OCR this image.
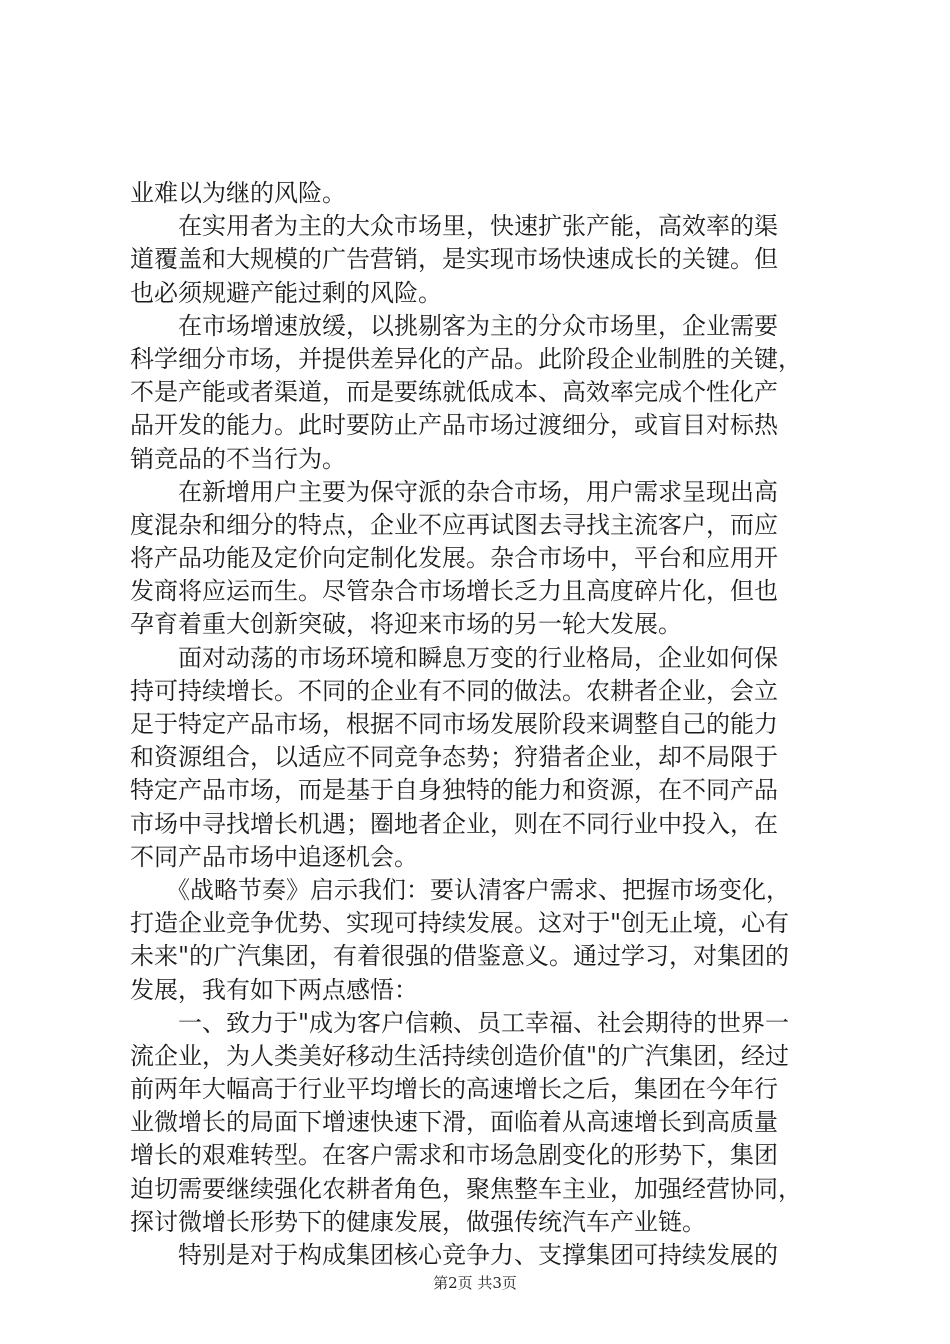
业难以为继的风险。
　　在实用者为主的大众市场里，快速扩张产能，高效率的渠
道覆盖和大规模的广告营销，是实现市场快速成长的关键。但
也必须规避产能过剩的风险。
　　在市场增速放缓，以挑剔客为主的分众市场里，企业需要
科学细分市场，并提供差异化的产品。此阶段企业制胜的关键，
不是产能或者渠道，而是要练就低成本、高效率完成个性化产
品开发的能力。此时要防止产品市场过渡细分，或盲目对标热
销竞品的不当行为。
　　在新增用户主要为保守派的杂合市场，用户需求呈现出高
度混杂和细分的特点，企业不应再试图去寻找主流客户，而应
将产品功能及定价向定制化发展。杂合市场中，平台和应用开
发商将应运而生。尽管杂合市场增长乏力且高度碎片化，但也
孕育着重大创新突破，将迎来市场的另一轮大发展。
　　面对动荡的市场环境和瞬息万变的行业格局，企业如何保
持可持续增长。不同的企业有不同的做法。农耕者企业，会立
足于特定产品市场，根据不同市场发展阶段来调整自己的能力
和资源组合，以适应不同竞争态势；狩猎者企业，却不局限于
特定产品市场，而是基于自身独特的能力和资源，在不同产品
市场中寻找增长机遇；圈地者企业，则在不同行业中投入，在
不同产品市场中追逐机会。
　　《战略节奏》启示我们：要认清客户需求、把握市场变化，
打造企业竞争优势、实现可持续发展。这对于"创无止境，心有
未来"的广汽集团，有着很强的借鉴意义。通过学习，对集团的
发展，我有如下两点感悟：
　　一、致力于"成为客户信赖、员工幸福、社会期待的世界一
流企业，为人类美好移动生活持续创造价值"的广汽集团，经过
前两年大幅高于行业平均增长的高速增长之后，集团在今年行
业微增长的局面下增速快速下滑，面临着从高速增长到高质量
增长的艰难转型。在客户需求和市场急剧变化的形势下，集团
迫切需要继续强化农耕者角色，聚焦整车主业，加强经营协同，
探讨微增长形势下的健康发展，做强传统汽车产业链。
　　特别是对于构成集团核心竞争力、支撑集团可持续发展的
第2页 共3页
